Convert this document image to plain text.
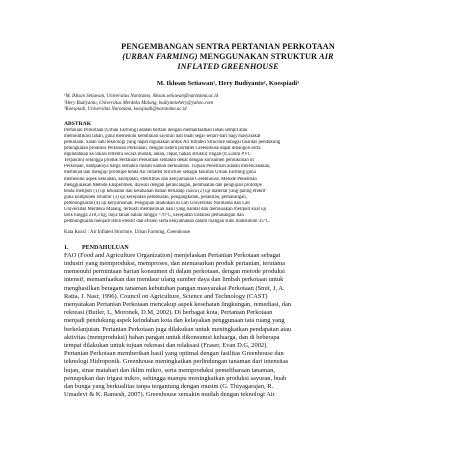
PENGEMBANGAN SENTRA PERTANIAN PERKOTAAN
(URBAN FARMING) MENGGUNAKAN STRUKTUR AIR
INFLATED GREENHOUSE
M. Ikhsan Setiawan¹, Hery Budiyanto², Koespiadi³
¹M. Ikhsan Setiawan, Universitas Narotama, ikhsan.setiawan@narotama.ac.id
²Hery Budiyanto, Universitas Merdeka Malang, budiyantohery@yahoo.com
³Koespiadi, Universitas Narotama, koespiadi@narotama.ac.id
ABSTRAK
Pertanian Perkotaan (Urban Farming) adalah bertani dengan memanfaatkan lahan sempit atau
memodifikasi lahan, guna memenuhi kebutuhan sayuran dan buah segar sehari-hari bagi masyarakat
perkotaan. Salah satu teknologi yang dapat digunakan untuk Air Inflated Structure sebagai fasilitas pendukung
peningkatan produksi Pertanian Perkotaan, dengan sistem portabel Greenhouse dapat dibangun serta
dipindahkan ke lokasi tertentu secara mudah, aman, cepat, bahan struktur ringan (0,55mm PVC
Terpaulin) sehingga produk Pertanian Perkotaan semakin dekat dengan konsumen pemukiman di
Perkotaan, dampaknya harga semakin murah namun berkualitas. Tujuan Penelitian adalah merencanakan,
membuat dan menguji prototipe tenda Air Inflated Structure sebagai fasilitas Urban Farming guna
memenuhi aspek kekuatan, kecepatan, efektifitas dan kenyamanan Greenhouse. Metode Penelitian
menggunakan Metode Eksperimen, diawali dengan perancangan, pembuatan dan pengujian prototipe
tenda meliputi (1) uji kekuatan dan ketahanan bahan terhadap cuaca (2) uji material yang paling efektif
guna komponen struktur (3) uji kecepatan pembuatan, pengangkutan, perakitan, pemasangan,
pembongkaran (4) uji kenyamanan. Pengujian dilakukan di Lab Universitas Narotama dan Lab
Universitas Merdeka Malang, terbukti memberikan hasil yang handal dan memuaskan meliputi kuat uji
tarik hingga 218,3 kg, daya tahan bahan hingga >70°C, kecepatan instalasi pemasangan dan
pembongkaran menjadi lebih efektif dan efisien serta kenyamanan dalam ruangan suhu maksimum 35°C.
Kata Kunci : Air Inflated Structure, Urban Farming, Greenhouse
1. PENDAHULUAN
FAO (Food and Agriculture Organization) menjelaskan Pertanian Perkotaan sebagai
industri yang memproduksi, memproses, dan memasarkan produk pertanian, terutama
memenuhi permintaan harian konsumen di dalam perkotaan, dengan metode produksi
intensif, memanfaatkan dan mendaur ulang sumber daya dan limbah perkotaan untuk
menghasilkan beragam tanaman kebutuhan pangan masyarakat Perkotaan (Smit, J, A.
Ratta, J. Nasr, 1996). Council on Agriculture, Science and Technology (CAST)
menyatakan Pertanian Perkotaan mencakup aspek kesehatan lingkungan, remediasi, dan
rekreasi (Butler, L, Moronek, D.M, 2002). Di berbagai kota, Pertanian Perkotaan
menjadi pendukung aspek keindahan kota dan kelayakan penggunaan tata ruang yang
berkelanjutan. Pertanian Perkotaan juga dilakukan untuk meningkatkan pendapatan atau
aktivitas (memproduksi) bahan pangan untuk dikonsumsi keluarga, dan di beberapa
tempat dilakukan untuk tujuan rekreasi dan relaksasi (Fraser, Evan D.G, 2002).
Pertanian Perkotaan memberikan hasil yang optimal dengan fasilitas Greenhouse dan
teknologi Hidroponik. Greenhouse meningkatkan perlindungan tanaman dari intensitas
hujan, sinar matahari dan iklim mikro, serta memproduksi pemeliharaan tanaman,
pemupukan dan irigasi mikro, sehingga mampu meningkatkan produksi sayuran, buah
dan bunga yang berkualitas tanpa tergantung dengan musim (G. Thiyagarajan, R.
Umadevi & K. Ramesh, 2007). Greenhouse semakin mudah dengan teknologi Air
